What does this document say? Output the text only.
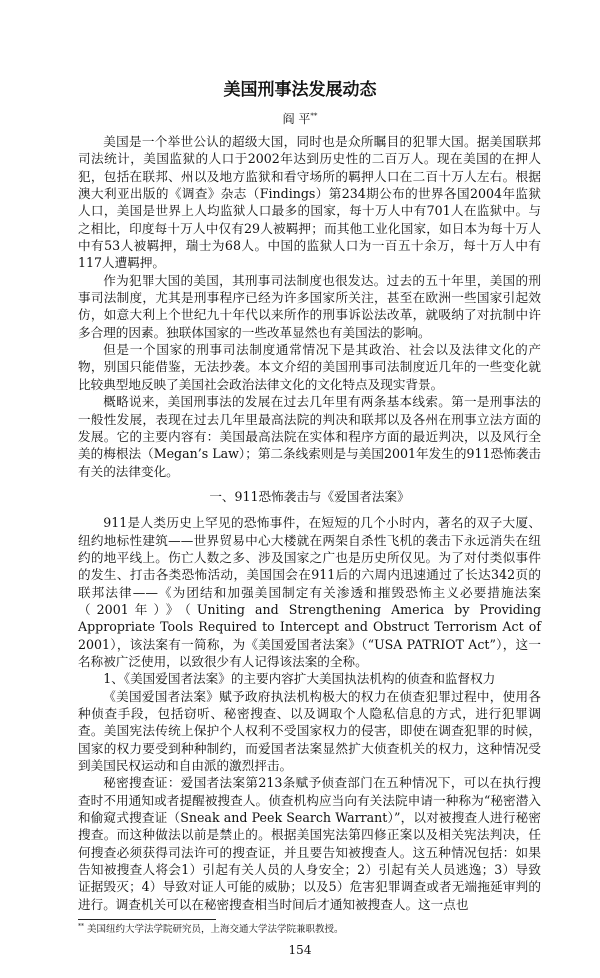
美国刑事法发展动态
阎 平**

美国是一个举世公认的超级大国，同时也是众所瞩目的犯罪大国。据美国联邦司法统计，美国监狱的人口于2002年达到历史性的二百万人。现在美国的在押人犯，包括在联邦、州以及地方监狱和看守场所的羁押人口在二百十万人左右。根据澳大利亚出版的《调查》杂志（Findings）第234期公布的世界各国2004年监狱人口，美国是世界上人均监狱人口最多的国家，每十万人中有701人在监狱中。与之相比，印度每十万人中仅有29人被羁押；而其他工业化国家，如日本为每十万人中有53人被羁押，瑞士为68人。中国的监狱人口为一百五十余万，每十万人中有117人遭羁押。

作为犯罪大国的美国，其刑事司法制度也很发达。过去的五十年里，美国的刑事司法制度，尤其是刑事程序已经为许多国家所关注，甚至在欧洲一些国家引起效仿，如意大利上个世纪九十年代以来所作的刑事诉讼法改革，就吸纳了对抗制中许多合理的因素。独联体国家的一些改革显然也有美国法的影响。

但是一个国家的刑事司法制度通常情况下是其政治、社会以及法律文化的产物，别国只能借鉴，无法抄袭。本文介绍的美国刑事司法制度近几年的一些变化就比较典型地反映了美国社会政治法律文化的文化特点及现实背景。

概略说来，美国刑事法的发展在过去几年里有两条基本线索。第一是刑事法的一般性发展，表现在过去几年里最高法院的判决和联邦以及各州在刑事立法方面的发展。它的主要内容有：美国最高法院在实体和程序方面的最近判决，以及风行全美的梅根法（Megan’s Law）；第二条线索则是与美国2001年发生的911恐怖袭击有关的法律变化。

一、911恐怖袭击与《爱国者法案》

911是人类历史上罕见的恐怖事件，在短短的几个小时内，著名的双子大厦、纽约地标性建筑——世界贸易中心大楼就在两架自杀性飞机的袭击下永远消失在纽约的地平线上。伤亡人数之多、涉及国家之广也是历史所仅见。为了对付类似事件的发生、打击各类恐怖活动，美国国会在911后的六周内迅速通过了长达342页的联邦法律——《为团结和加强美国制定有关渗透和摧毁恐怖主义必要措施法案（2001年）》（Uniting and Strengthening America by Providing Appropriate Tools Required to Intercept and Obstruct Terrorism Act of 2001），该法案有一简称，为《美国爱国者法案》（“USA PATRIOT Act”），这一名称被广泛使用，以致很少有人记得该法案的全称。

1、《美国爱国者法案》的主要内容扩大美国执法机构的侦查和监督权力

《美国爱国者法案》赋予政府执法机构极大的权力在侦查犯罪过程中，使用各种侦查手段，包括窃听、秘密搜查、以及调取个人隐私信息的方式，进行犯罪调查。美国宪法传统上保护个人权利不受国家权力的侵害，即使在调查犯罪的时候，国家的权力要受到种种制约，而爱国者法案显然扩大侦查机关的权力，这种情况受到美国民权运动和自由派的激烈抨击。

秘密搜查证：爱国者法案第213条赋予侦查部门在五种情况下，可以在执行搜查时不用通知或者提醒被搜查人。侦查机构应当向有关法院申请一种称为“秘密潜入和偷窥式搜查证（Sneak and Peek Search Warrant）”，以对被搜查人进行秘密搜查。而这种做法以前是禁止的。根据美国宪法第四修正案以及相关宪法判决，任何搜查必须获得司法许可的搜查证，并且要告知被搜查人。这五种情况包括：如果告知被搜查人将会1）引起有关人员的人身安全；2）引起有关人员逃逸；3）导致证据毁灭；4）导致对证人可能的威胁；以及5）危害犯罪调查或者无端拖延审判的进行。调查机关可以在秘密搜查相当时间后才通知被搜查人。这一点也

** 美国纽约大学法学院研究员，上海交通大学法学院兼职教授。
154
